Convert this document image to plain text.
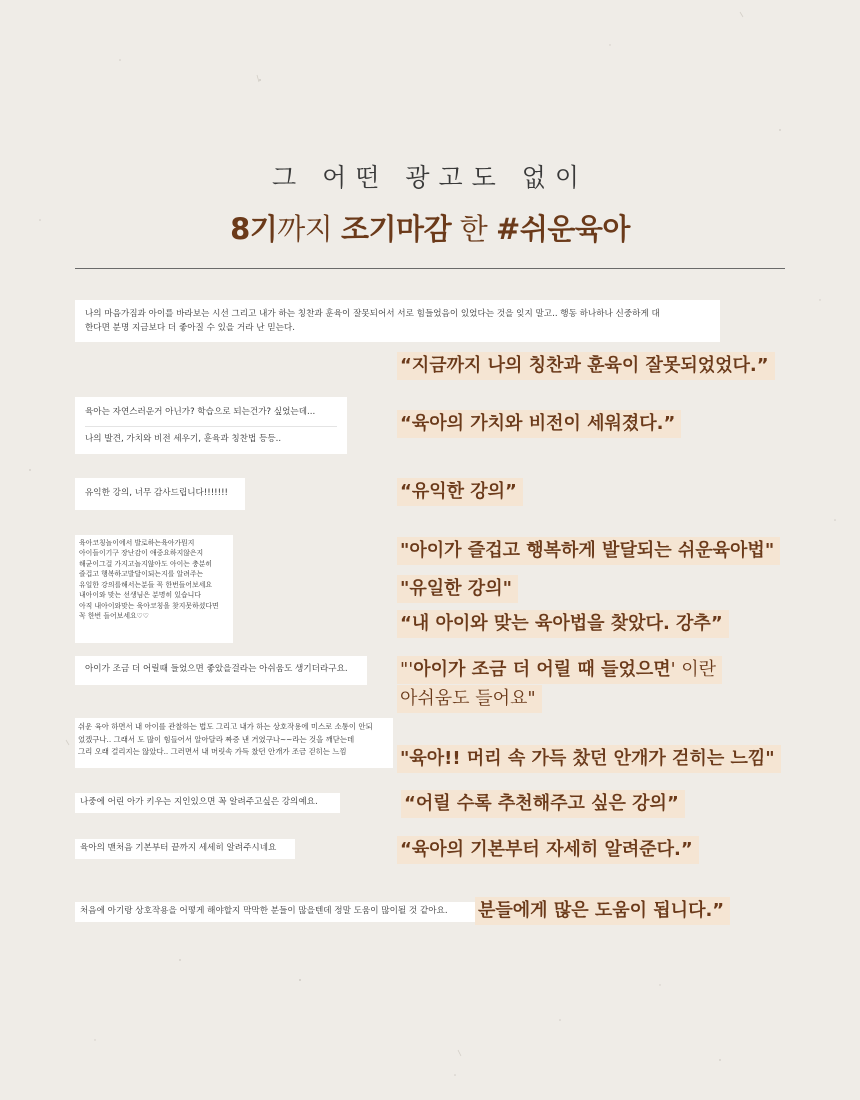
그 어떤 광고도 없이
8기까지 조기마감 한 #쉬운육아
나의 마음가짐과 아이를 바라보는 시선 그리고 내가 하는 칭찬과 훈육이 잘못되어서 서로 힘들었음이 있었다는 것을 잊지 말고.. 행동 하나하나 신중하게 대
한다면 분명 지금보다 더 좋아질 수 있을 거라 난 믿는다.
“지금까지 나의 칭찬과 훈육이 잘못되었었다.”
육아는 자연스러운거 아닌가? 학습으로 되는건가? 싶었는데...
나의 발견, 가치와 비전 세우기, 훈육과 칭찬법 등등..
“육아의 가치와 비전이 세워졌다.”
유익한 강의, 너무 감사드립니다!!!!!!!	“유익한 강의”
육아코칭놀이에서 발로하는육아가뭔지
아이들이기구 장난감이 애중요하지않은지
해균이그걸 가지고놀지않아도 아이는 충분히
즐겁고 행복하고발달이되는지를 알려주는
유일한 강의를해서는분들 꼭 한번들어보세요
내아이와 맞는 선생님은 분명히 있습니다
아직 내아이와맞는 육아코칭을 찾지못하셨다면
꼭 한번 들어보세요♡♡
"아이가 즐겁고 행복하게 발달되는 쉬운육아법"
"유일한 강의"
“내 아이와 맞는 육아법을 찾았다. 강추”
아이가 조금 더 어릴때 들었으면 좋았을걸라는 아쉬움도 생기더라구요.	"'아이가 조금 더 어릴 때 들었으면' 이란
아쉬움도 들어요"
쉬운 육아 하면서 내 아이를 관찰하는 법도 그리고 내가 하는 상호작용에 미스로 소통이 안되
었겠구나.. 그래서 도 많이 힘들어서 알아달라 짜증 낸 거였구나~~라는 것을 깨닫는데
그리 오래 걸리지는 않았다.. 그러면서 내 머릿속 가득 찼던 안개가 조금 걷히는 느낌	"육아!! 머리 속 가득 찼던 안개가 걷히는 느낌"
나중에 어린 아가 키우는 지인있으면 꼭 알려주고싶은 강의예요.	“어릴 수록 추천해주고 싶은 강의”
육아의 맨처음 기본부터 끝까지 세세히 알려주시네요	“육아의 기본부터 자세히 알려준다.”
처음에 아기랑 상호작용을 어떻게 해야할지 막막한 분들이 많을텐데 정말 도움이 많이될 것 같아요.	분들에게 많은 도움이 됩니다.”
